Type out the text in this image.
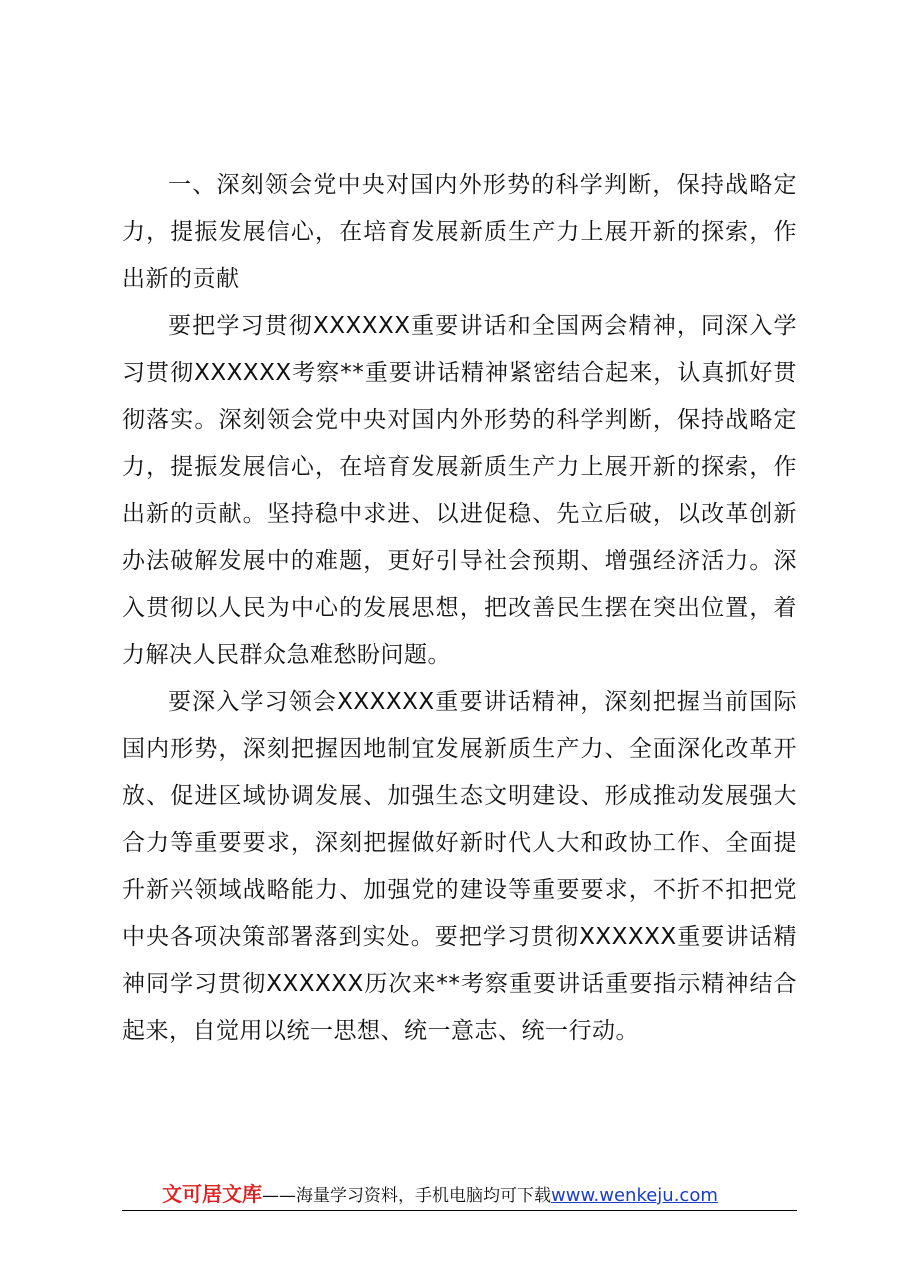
一、深刻领会党中央对国内外形势的科学判断，保持战略定力，提振发展信心，在培育发展新质生产力上展开新的探索，作出新的贡献

要把学习贯彻XXXXXX重要讲话和全国两会精神，同深入学习贯彻XXXXXX考察**重要讲话精神紧密结合起来，认真抓好贯彻落实。深刻领会党中央对国内外形势的科学判断，保持战略定力，提振发展信心，在培育发展新质生产力上展开新的探索，作出新的贡献。坚持稳中求进、以进促稳、先立后破，以改革创新办法破解发展中的难题，更好引导社会预期、增强经济活力。深入贯彻以人民为中心的发展思想，把改善民生摆在突出位置，着力解决人民群众急难愁盼问题。

要深入学习领会XXXXXX重要讲话精神，深刻把握当前国际国内形势，深刻把握因地制宜发展新质生产力、全面深化改革开放、促进区域协调发展、加强生态文明建设、形成推动发展强大合力等重要要求，深刻把握做好新时代人大和政协工作、全面提升新兴领域战略能力、加强党的建设等重要要求，不折不扣把党中央各项决策部署落到实处。要把学习贯彻XXXXXX重要讲话精神同学习贯彻XXXXXX历次来**考察重要讲话重要指示精神结合起来，自觉用以统一思想、统一意志、统一行动。

文可居文库——海量学习资料，手机电脑均可下载www.wenkeju.com
